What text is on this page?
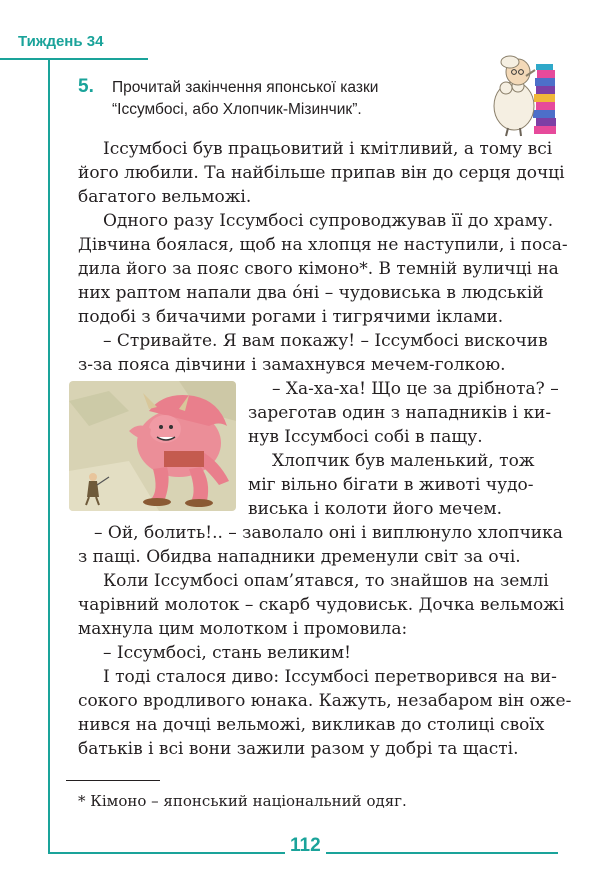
Тиждень 34
5. Прочитай закінчення японської казки
“Іссумбосі, або Хлопчик-Мізинчик”.
Іссумбосі був працьовитий і кмітливий, а тому всі
його любили. Та найбільше припав він до серця дочці
багатого вельможі.
Одного разу Іссумбосі супроводжував її до храму.
Дівчина боялася, щоб на хлопця не наступили, і поса-
дила його за пояс свого кімоно*. В темній вуличці на
них раптом напали два óні – чудовиська в людській
подобі з бичачими рогами і тигрячими іклами.
– Стривайте. Я вам покажу! – Іссумбосі вискочив
з-за пояса дівчини і замахнувся мечем-голкою.
– Ха-ха-ха! Що це за дрібнота? –
зареготав один з нападників і ки-
нув Іссумбосі собі в пащу.
Хлопчик був маленький, тож
міг вільно бігати в животі чудо-
виська і колоти його мечем.
– Ой, болить!.. – заволало оні і виплюнуло хлопчика
з пащі. Обидва нападники дременули світ за очі.
Коли Іссумбосі опам’ятався, то знайшов на землі
чарівний молоток – скарб чудовиськ. Дочка вельможі
махнула цим молотком і промовила:
– Іссумбосі, стань великим!
І тоді сталося диво: Іссумбосі перетворився на ви-
сокого вродливого юнака. Кажуть, незабаром він оже-
нився на дочці вельможі, викликав до столиці своїх
батьків і всі вони зажили разом у добрі та щасті.
* Кімоно – японський національний одяг.
112
